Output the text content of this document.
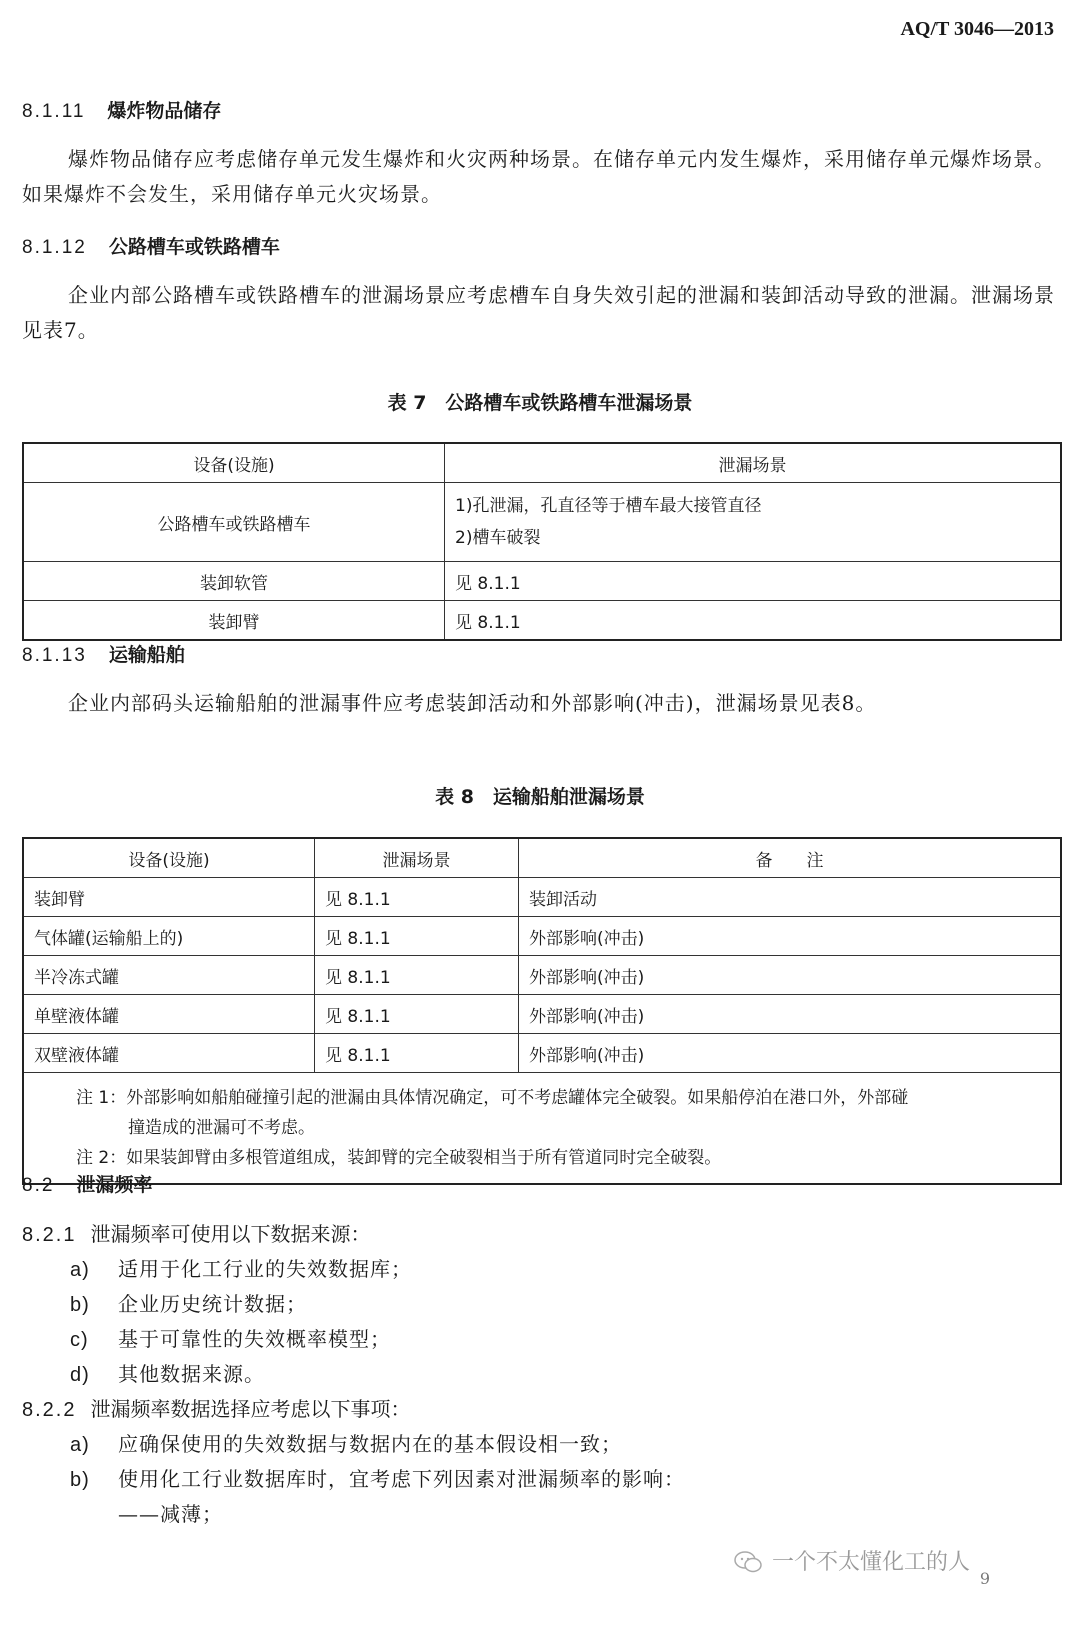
AQ/T 3046—2013
8.1.11 爆炸物品储存

爆炸物品储存应考虑储存单元发生爆炸和火灾两种场景。在储存单元内发生爆炸，采用储存单元爆炸场景。如果爆炸不会发生，采用储存单元火灾场景。

8.1.12 公路槽车或铁路槽车

企业内部公路槽车或铁路槽车的泄漏场景应考虑槽车自身失效引起的泄漏和装卸活动导致的泄漏。泄漏场景见表7。

表 7　公路槽车或铁路槽车泄漏场景
设备(设施)	泄漏场景
公路槽车或铁路槽车	1)孔泄漏，孔直径等于槽车最大接管直径
2)槽车破裂

装卸软管	见 8.1.1
装卸臂	见 8.1.1
8.1.13 运输船舶

企业内部码头运输船舶的泄漏事件应考虑装卸活动和外部影响(冲击)，泄漏场景见表8。

表 8　运输船舶泄漏场景
设备(设施)	泄漏场景	备　　注
装卸臂	见 8.1.1	装卸活动
气体罐(运输船上的)	见 8.1.1	外部影响(冲击)
半冷冻式罐	见 8.1.1	外部影响(冲击)
单壁液体罐	见 8.1.1	外部影响(冲击)
双壁液体罐	见 8.1.1	外部影响(冲击)

注 1：外部影响如船舶碰撞引起的泄漏由具体情况确定，可不考虑罐体完全破裂。如果船停泊在港口外，外部碰
撞造成的泄漏可不考虑。
注 2：如果装卸臂由多根管道组成，装卸臂的完全破裂相当于所有管道同时完全破裂。		
8.2 泄漏频率
8.2.1 泄漏频率可使用以下数据来源：
a) 适用于化工行业的失效数据库；
b) 企业历史统计数据；
c) 基于可靠性的失效概率模型；
d) 其他数据来源。
8.2.2 泄漏频率数据选择应考虑以下事项：
a) 应确保使用的失效数据与数据内在的基本假设相一致；
b) 使用化工行业数据库时，宜考虑下列因素对泄漏频率的影响：
——减薄；
一个不太懂化工的人
9
